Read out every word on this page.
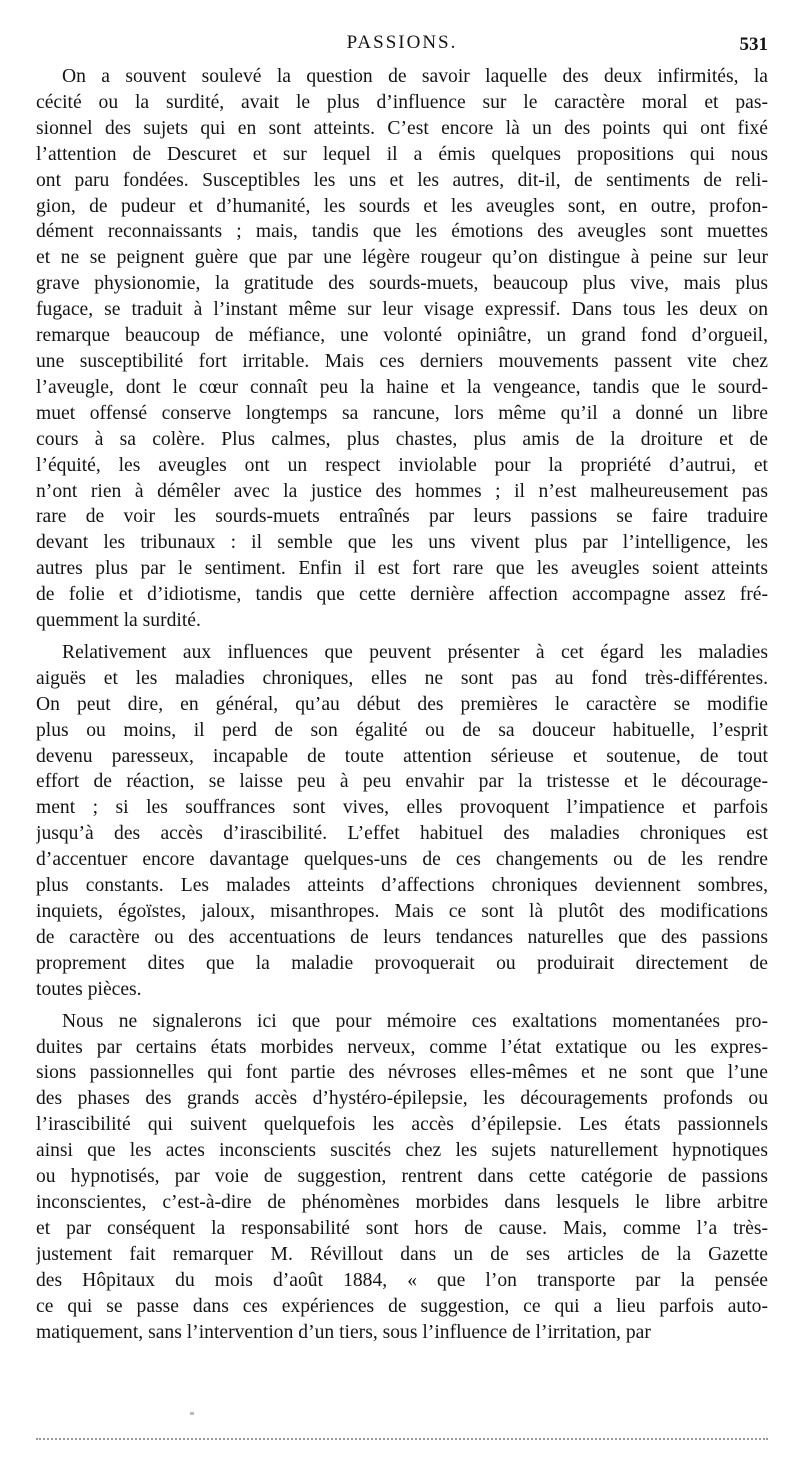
PASSIONS.	531
On a souvent soulevé la question de savoir laquelle des deux infirmités, la
cécité ou la surdité, avait le plus d’influence sur le caractère moral et pas-
sionnel des sujets qui en sont atteints. C’est encore là un des points qui ont fixé
l’attention de Descuret et sur lequel il a émis quelques propositions qui nous
ont paru fondées. Susceptibles les uns et les autres, dit-il, de sentiments de reli-
gion, de pudeur et d’humanité, les sourds et les aveugles sont, en outre, profon-
dément reconnaissants ; mais, tandis que les émotions des aveugles sont muettes
et ne se peignent guère que par une légère rougeur qu’on distingue à peine sur leur
grave physionomie, la gratitude des sourds-muets, beaucoup plus vive, mais plus
fugace, se traduit à l’instant même sur leur visage expressif. Dans tous les deux on
remarque beaucoup de méfiance, une volonté opiniâtre, un grand fond d’orgueil,
une susceptibilité fort irritable. Mais ces derniers mouvements passent vite chez
l’aveugle, dont le cœur connaît peu la haine et la vengeance, tandis que le sourd-
muet offensé conserve longtemps sa rancune, lors même qu’il a donné un libre
cours à sa colère. Plus calmes, plus chastes, plus amis de la droiture et de
l’équité, les aveugles ont un respect inviolable pour la propriété d’autrui, et
n’ont rien à démêler avec la justice des hommes ; il n’est malheureusement pas
rare de voir les sourds-muets entraînés par leurs passions se faire traduire
devant les tribunaux : il semble que les uns vivent plus par l’intelligence, les
autres plus par le sentiment. Enfin il est fort rare que les aveugles soient atteints
de folie et d’idiotisme, tandis que cette dernière affection accompagne assez fré-
quemment la surdité.
Relativement aux influences que peuvent présenter à cet égard les maladies
aiguës et les maladies chroniques, elles ne sont pas au fond très-différentes.
On peut dire, en général, qu’au début des premières le caractère se modifie
plus ou moins, il perd de son égalité ou de sa douceur habituelle, l’esprit
devenu paresseux, incapable de toute attention sérieuse et soutenue, de tout
effort de réaction, se laisse peu à peu envahir par la tristesse et le décourage-
ment ; si les souffrances sont vives, elles provoquent l’impatience et parfois
jusqu’à des accès d’irascibilité. L’effet habituel des maladies chroniques est
d’accentuer encore davantage quelques-uns de ces changements ou de les rendre
plus constants. Les malades atteints d’affections chroniques deviennent sombres,
inquiets, égoïstes, jaloux, misanthropes. Mais ce sont là plutôt des modifications
de caractère ou des accentuations de leurs tendances naturelles que des passions
proprement dites que la maladie provoquerait ou produirait directement de
toutes pièces.
Nous ne signalerons ici que pour mémoire ces exaltations momentanées pro-
duites par certains états morbides nerveux, comme l’état extatique ou les expres-
sions passionnelles qui font partie des névroses elles-mêmes et ne sont que l’une
des phases des grands accès d’hystéro-épilepsie, les découragements profonds ou
l’irascibilité qui suivent quelquefois les accès d’épilepsie. Les états passionnels
ainsi que les actes inconscients suscités chez les sujets naturellement hypnotiques
ou hypnotisés, par voie de suggestion, rentrent dans cette catégorie de passions
inconscientes, c’est-à-dire de phénomènes morbides dans lesquels le libre arbitre
et par conséquent la responsabilité sont hors de cause. Mais, comme l’a très-
justement fait remarquer M. Révillout dans un de ses articles de la Gazette
des Hôpitaux du mois d’août 1884, « que l’on transporte par la pensée
ce qui se passe dans ces expériences de suggestion, ce qui a lieu parfois auto-
matiquement, sans l’intervention d’un tiers, sous l’influence de l’irritation, par
